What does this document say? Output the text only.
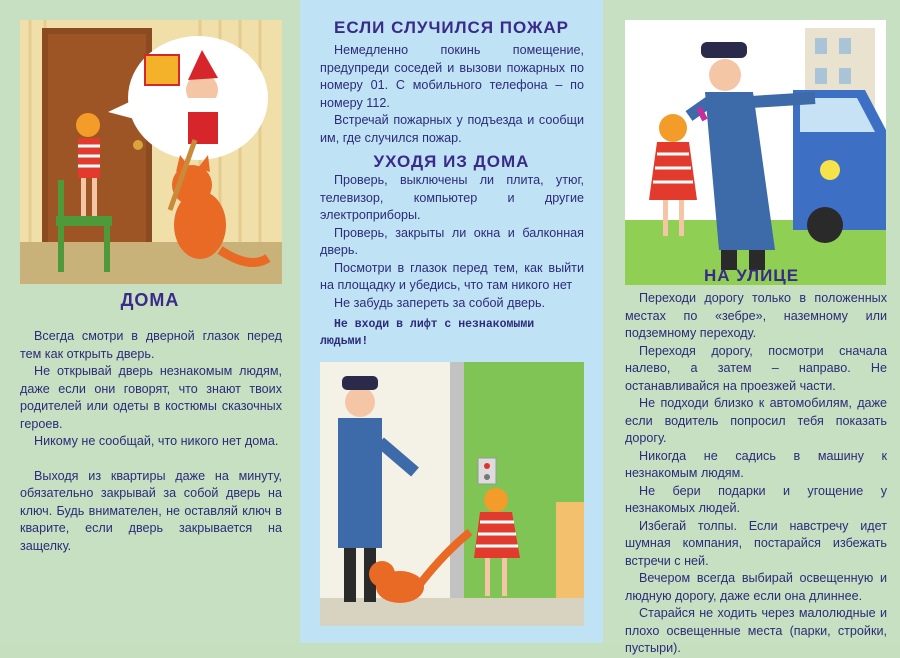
ДОМА

Всегда смотри в дверной глазок перед тем как открыть дверь.

Не открывай дверь незнакомым людям, даже если они говорят, что знают твоих родителей или одеты в костюмы сказочных героев.

Никому не сообщай, что никого нет дома.

Выходя из квартиры даже на минуту, обязательно закрывай за собой дверь на ключ. Будь внимателен, не оставляй ключ в кварите, если дверь закрывается на защелку.

ЕСЛИ СЛУЧИЛСЯ ПОЖАР

Немедленно покинь помещение, предупреди соседей и вызови пожарных по номеру 01. С мобильного телефона – по номеру 112.

Встречай пожарных у подъезда и сообщи им, где случился пожар.

УХОДЯ ИЗ ДОМА

Проверь, выключены ли плита, утюг, телевизор, компьютер и другие электроприборы.

Проверь, закрыты ли окна и балконная дверь.

Посмотри в глазок перед тем, как выйти на площадку и убедись, что там никого нет

Не забудь запереть за собой дверь.

Не входи в лифт с незнакомыми людьми!
НА УЛИЦЕ

Переходи дорогу только в положенных местах по «зебре», наземному или подземному переходу.

Переходя дорогу, посмотри сначала налево, а затем – направо. Не останавливайся на проезжей части.

Не подходи близко к автомобилям, даже если водитель попросил тебя показать дорогу.

Никогда не садись в машину к незнакомым людям.

Не бери подарки и угощение у незнакомых людей.

Избегай толпы. Если навстречу идет шумная компания, постарайся избежать встречи с ней.

Вечером всегда выбирай освещенную и людную дорогу, даже если она длиннее.

Старайся не ходить через малолюдные и плохо освещенные места (парки, стройки, пустыри).
